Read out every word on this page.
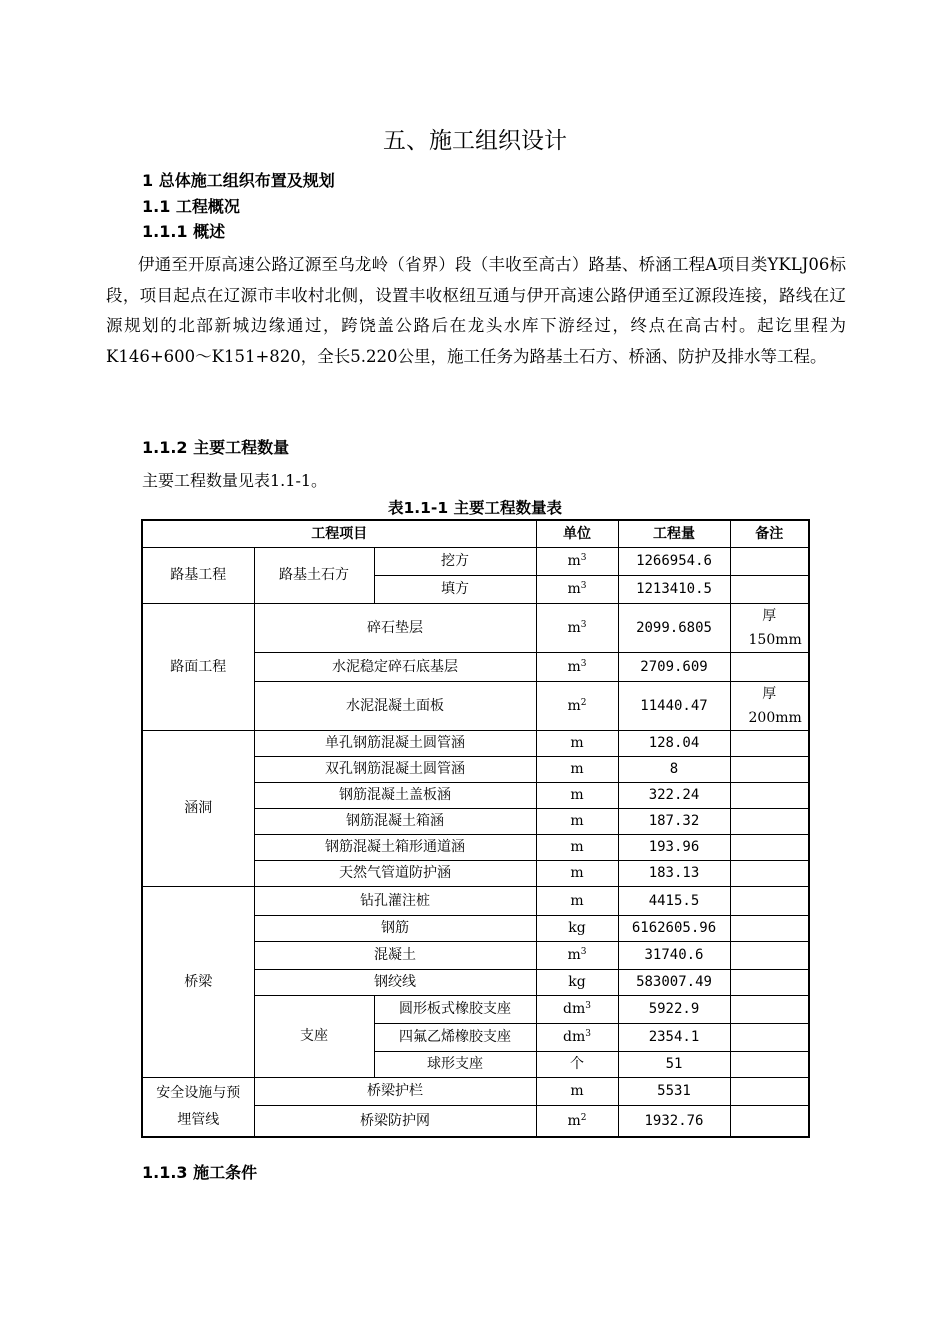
五、施工组织设计
1 总体施工组织布置及规划
1.1 工程概况
1.1.1 概述
伊通至开原高速公路辽源至乌龙岭（省界）段（丰收至高古）路基、桥涵工程A项目类YKLJ06标段，项目起点在辽源市丰收村北侧，设置丰收枢纽互通与伊开高速公路伊通至辽源段连接，路线在辽源规划的北部新城边缘通过，跨饶盖公路后在龙头水库下游经过，终点在高古村。起讫里程为K146+600～K151+820，全长5.220公里，施工任务为路基土石方、桥涵、防护及排水等工程。
1.1.2 主要工程数量
主要工程数量见表1.1-1。
表1.1-1 主要工程数量表
工程项目			单位	工程量	备注
路基工程	路基土石方	挖方	$m^3$	1266954.6	
		填方	$m^3$	1213410.5	
路面工程	碎石垫层		$m^3$	2099.6805	厚150mm
	水泥稳定碎石底基层		$m^3$	2709.609	
	水泥混凝土面板		$m^2$	11440.47	厚200mm
涵洞	单孔钢筋混凝土圆管涵		m	128.04	
	双孔钢筋混凝土圆管涵		m	8	
	钢筋混凝土盖板涵		m	322.24	
	钢筋混凝土箱涵		m	187.32	
	钢筋混凝土箱形通道涵		m	193.96	
	天然气管道防护涵		m	183.13	
桥梁	钻孔灌注桩		m	4415.5	
	钢筋		kg	6162605.96	
	混凝土		$m^3$	31740.6	
	钢绞线		kg	583007.49	
	支座	圆形板式橡胶支座	$dm^3$	5922.9	
		四氟乙烯橡胶支座	$dm^3$	2354.1	
		球形支座	个	51	
安全设施与预埋管线	桥梁护栏		m	5531	
	桥梁防护网		$m^2$	1932.76	
1.1.3 施工条件
